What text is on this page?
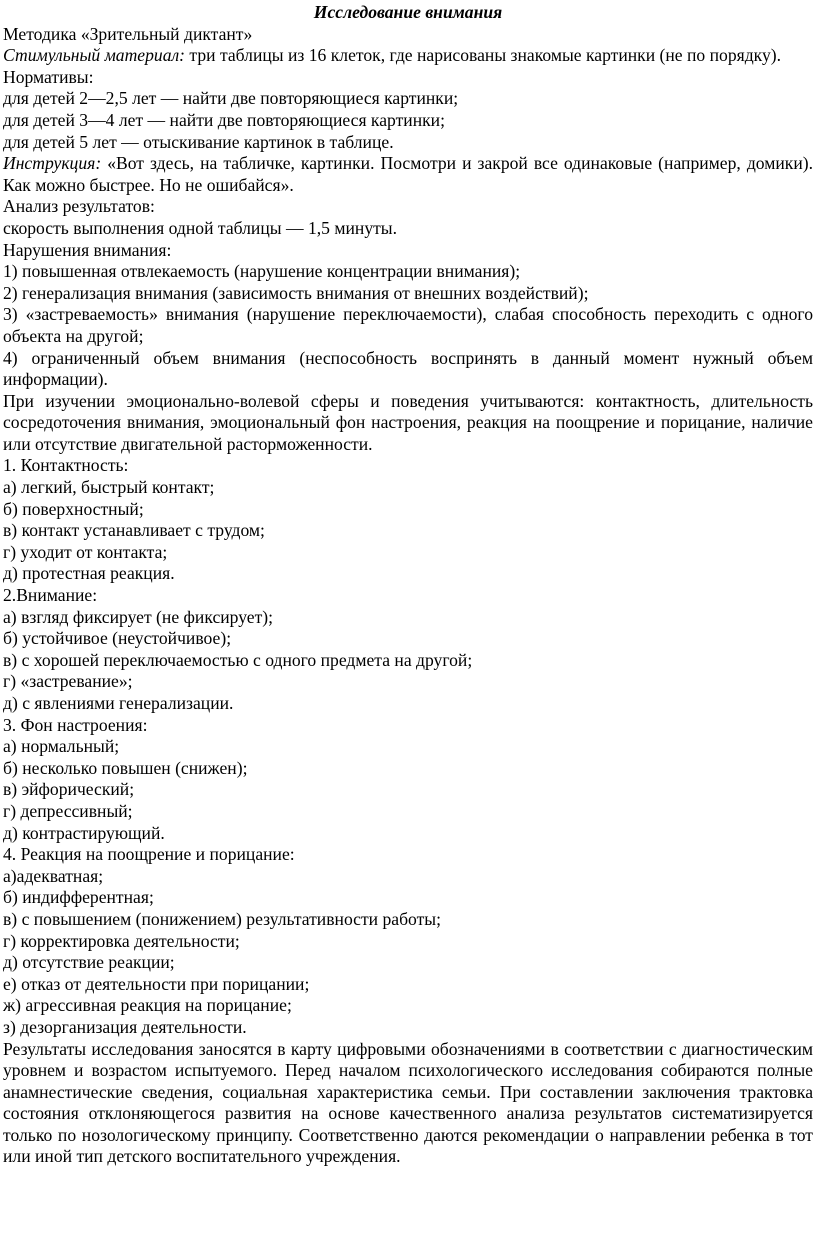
Исследование внимания

Методика «Зрительный диктант»

Стимульный материал: три таблицы из 16 клеток, где нарисованы знакомые картинки (не по порядку).

Нормативы:

для детей 2—2,5 лет — найти две повторяющиеся картинки;

для детей 3—4 лет — найти две повторяющиеся картинки;

для детей 5 лет — отыскивание картинок в таблице.

Инструкция: «Вот здесь, на табличке, картинки. Посмотри и закрой все одинаковые (например, домики). Как можно быстрее. Но не ошибайся».

Анализ результатов:

скорость выполнения одной таблицы — 1,5 минуты.

Нарушения внимания:

1) повышенная отвлекаемость (нарушение концентрации внимания);

2) генерализация внимания (зависимость внимания от внешних воздействий);

3) «застреваемость» внимания (нарушение переключаемости), слабая способность переходить с одного объекта на другой;

4) ограниченный объем внимания (неспособность воспринять в данный момент нужный объем информации).

При изучении эмоционально-волевой сферы и поведения учитываются: контактность, длительность сосредоточения внимания, эмоциональный фон настроения, реакция на поощрение и порицание, наличие или отсутствие двигательной расторможенности.

1. Контактность:

а) легкий, быстрый контакт;

б) поверхностный;

в) контакт устанавливает с трудом;

г) уходит от контакта;

д) протестная реакция.

2.Внимание:

а) взгляд фиксирует (не фиксирует);

б) устойчивое (неустойчивое);

в) с хорошей переключаемостью с одного предмета на другой;

г) «застревание»;

д) с явлениями генерализации.

3. Фон настроения:

а) нормальный;

б) несколько повышен (снижен);

в) эйфорический;

г) депрессивный;

д) контрастирующий.

4. Реакция на поощрение и порицание:

а)адекватная;

б) индифферентная;

в) с повышением (понижением) результативности работы;

г) корректировка деятельности;

д) отсутствие реакции;

е) отказ от деятельности при порицании;

ж) агрессивная реакция на порицание;

з) дезорганизация деятельности.

Результаты исследования заносятся в карту цифровыми обозначениями в соответствии с диагностическим уровнем и возрастом испытуемого. Перед началом психологического исследования собираются полные анамнестические сведения, социальная характеристика семьи. При составлении заключения трактовка состояния отклоняющегося развития на основе качественного анализа результатов систематизируется только по нозологическому принципу. Соответственно даются рекомендации о направлении ребенка в тот или иной тип детского воспитательного учреждения.
